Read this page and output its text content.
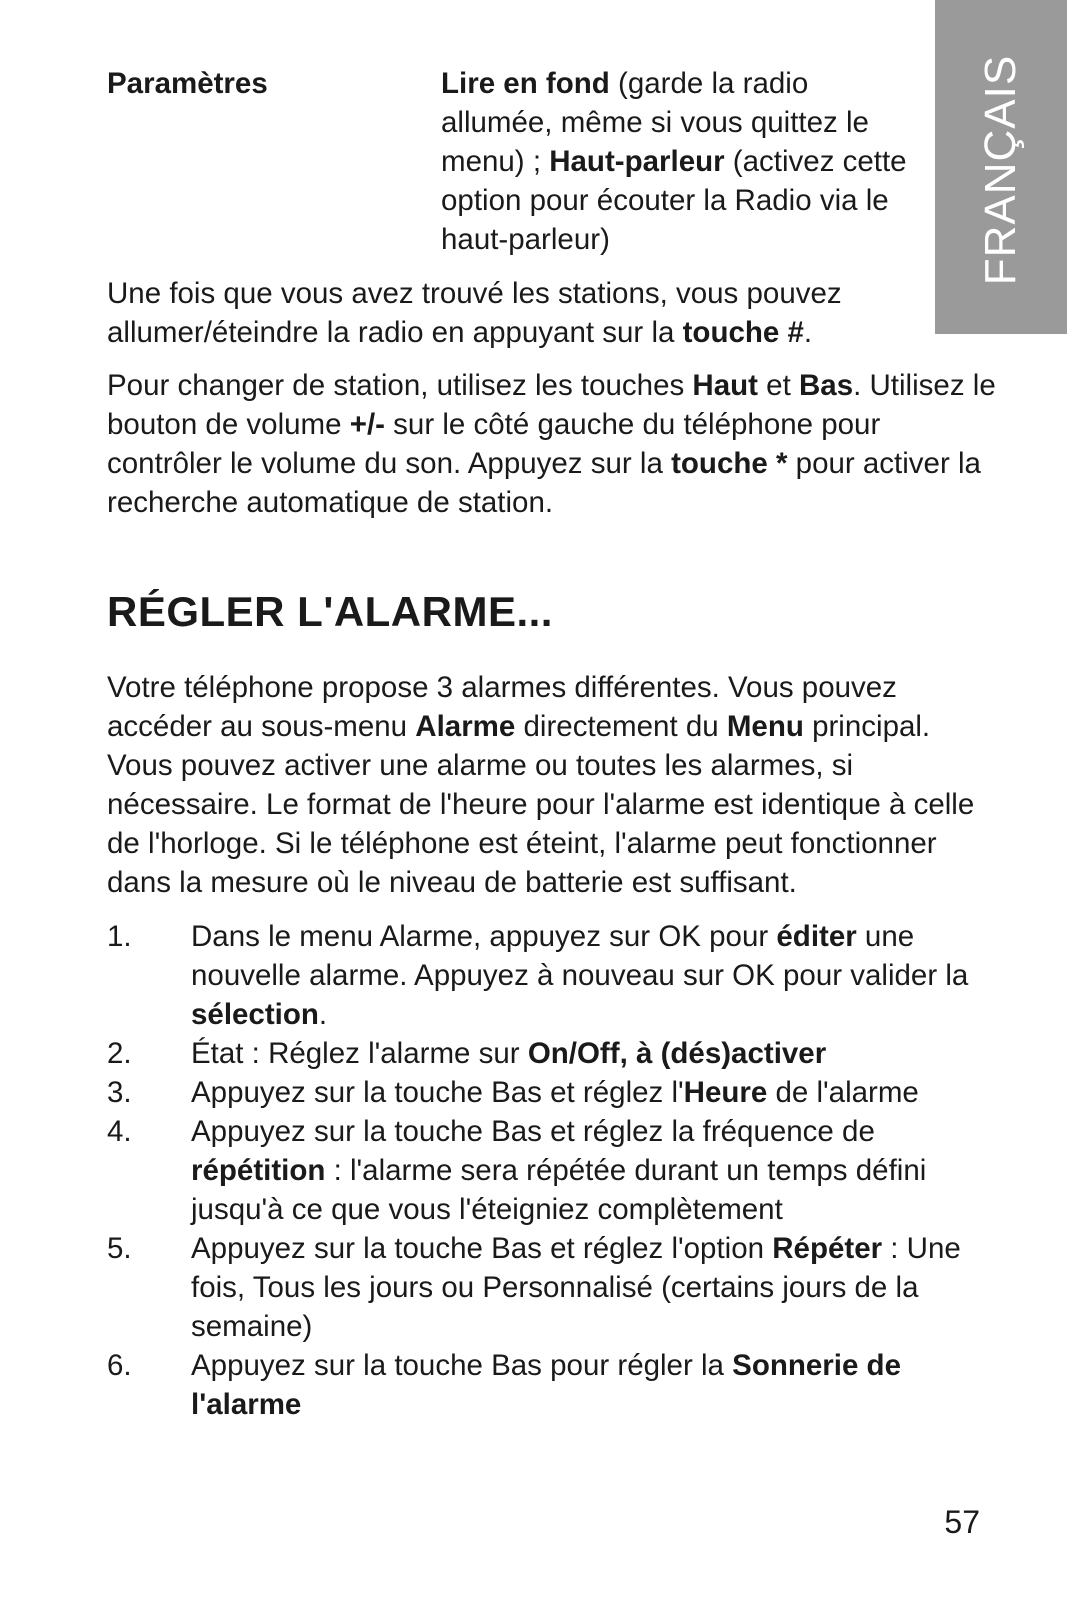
FRANÇAIS
Paramètres	Lire en fond (garde la radio allumée, même si vous quittez le menu) ; Haut-parleur (activez cette option pour écouter la Radio via le haut-parleur)

Une fois que vous avez trouvé les stations, vous pouvez allumer/éteindre la radio en appuyant sur la touche #.

Pour changer de station, utilisez les touches Haut et Bas. Utilisez le bouton de volume +/- sur le côté gauche du téléphone pour contrôler le volume du son. Appuyez sur la touche * pour activer la recherche automatique de station.

RÉGLER L'ALARME...

Votre téléphone propose 3 alarmes différentes. Vous pouvez accéder au sous-menu Alarme directement du Menu principal. Vous pouvez activer une alarme ou toutes les alarmes, si nécessaire. Le format de l'heure pour l'alarme est identique à celle de l'horloge. Si le téléphone est éteint, l'alarme peut fonctionner dans la mesure où le niveau de batterie est suffisant.

1.	Dans le menu Alarme, appuyez sur OK pour éditer une nouvelle alarme. Appuyez à nouveau sur OK pour valider la sélection.
2.	État : Réglez l'alarme sur On/Off, à (dés)activer
3.	Appuyez sur la touche Bas et réglez l'Heure de l'alarme
4.	Appuyez sur la touche Bas et réglez la fréquence de répétition : l'alarme sera répétée durant un temps défini jusqu'à ce que vous l'éteigniez complètement
5.	Appuyez sur la touche Bas et réglez l'option Répéter : Une fois, Tous les jours ou Personnalisé (certains jours de la semaine)
6.	Appuyez sur la touche Bas pour régler la Sonnerie de l'alarme
57
